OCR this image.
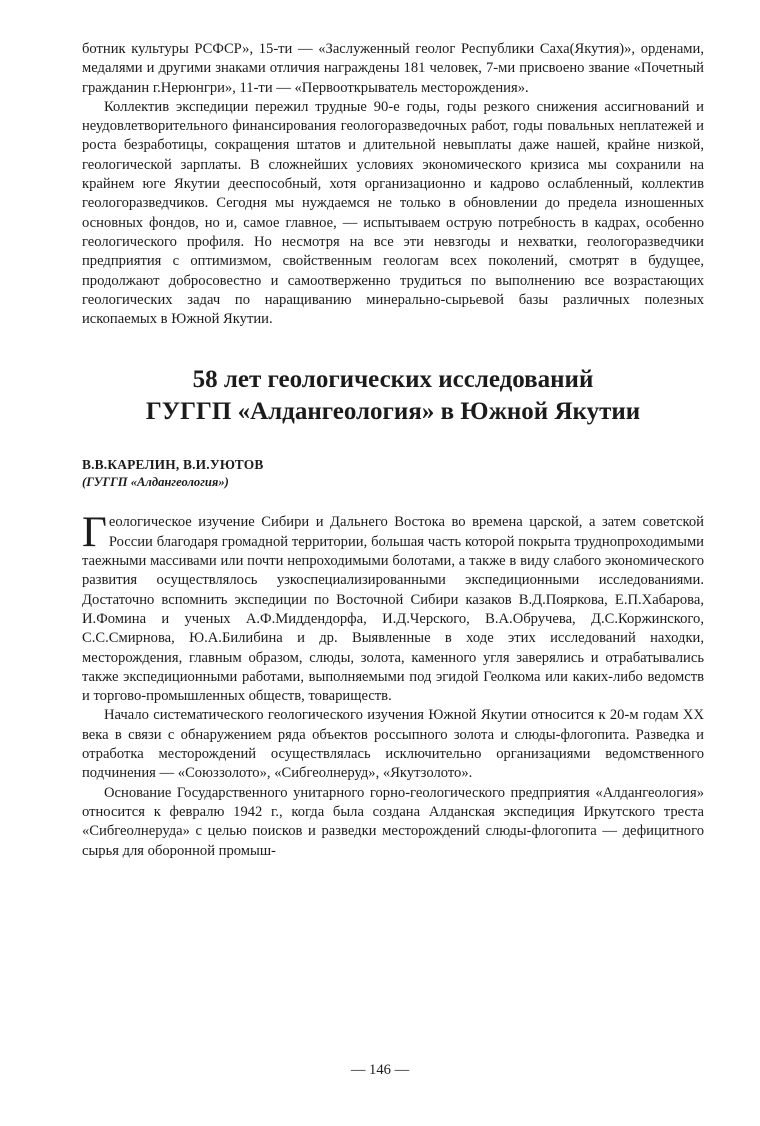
ботник культуры РСФСР», 15-ти — «Заслуженный геолог Республики Саха(Якутия)», орденами, медалями и другими знаками отличия награждены 181 человек, 7-ми присвоено звание «Почетный гражданин г.Нерюнгри», 11-ти — «Первооткрыватель месторождения».

Коллектив экспедиции пережил трудные 90-е годы, годы резкого снижения ассигнований и неудовлетворительного финансирования геологоразведочных работ, годы повальных неплатежей и роста безработицы, сокращения штатов и длительной невыплаты даже нашей, крайне низкой, геологической зарплаты. В сложнейших условиях экономического кризиса мы сохранили на крайнем юге Якутии дееспособный, хотя организационно и кадрово ослабленный, коллектив геологоразведчиков. Сегодня мы нуждаемся не только в обновлении до предела изношенных основных фондов, но и, самое главное, — испытываем острую потребность в кадрах, особенно геологического профиля. Но несмотря на все эти невзгоды и нехватки, геологоразведчики предприятия с оптимизмом, свойственным геологам всех поколений, смотрят в будущее, продолжают добросовестно и самоотверженно трудиться по выполнению все возрастающих геологических задач по наращиванию минерально-сырьевой базы различных полезных ископаемых в Южной Якутии.

58 лет геологических исследований
ГУГГП «Алдангеология» в Южной Якутии

В.В.КАРЕЛИН, В.И.УЮТОВ

(ГУГГП «Алдангеология»)

Геологическое изучение Сибири и Дальнего Востока во времена царской, а затем советской России благодаря громадной территории, большая часть которой покрыта труднопроходимыми таежными массивами или почти непроходимыми болотами, а также в виду слабого экономического развития осуществлялось узкоспециализированными экспедиционными исследованиями. Достаточно вспомнить экспедиции по Восточной Сибири казаков В.Д.Пояркова, Е.П.Хабарова, И.Фомина и ученых А.Ф.Миддендорфа, И.Д.Черского, В.А.Обручева, Д.С.Коржинского, С.С.Смирнова, Ю.А.Билибина и др. Выявленные в ходе этих исследований находки, месторождения, главным образом, слюды, золота, каменного угля заверялись и отрабатывались также экспедиционными работами, выполняемыми под эгидой Геолкома или каких-либо ведомств и торгово-промышленных обществ, товариществ.

Начало систематического геологического изучения Южной Якутии относится к 20-м годам XX века в связи с обнаружением ряда объектов россыпного золота и слюды-флогопита. Разведка и отработка месторождений осуществлялась исключительно организациями ведомственного подчинения — «Союззолото», «Сибгеолнеруд», «Якутзолото».

Основание Государственного унитарного горно-геологического предприятия «Алдангеология» относится к февралю 1942 г., когда была создана Алданская экспедиция Иркутского треста «Сибгеолнеруда» с целью поисков и разведки месторождений слюды-флогопита — дефицитного сырья для оборонной промыш-

— 146 —
